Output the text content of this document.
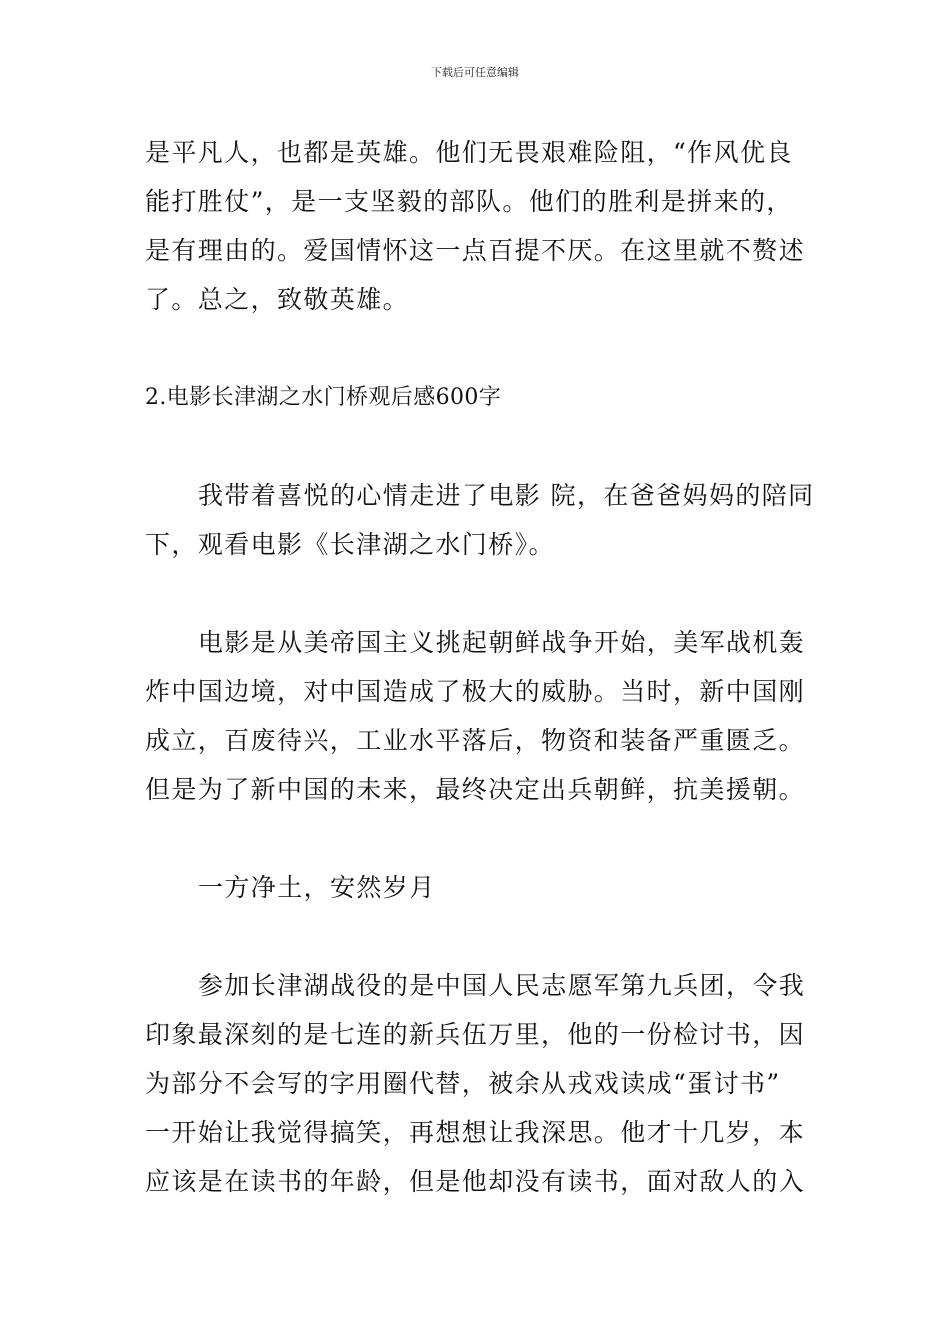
下载后可任意编辑
是平凡人，也都是英雄。他们无畏艰难险阻，“作风优良
能打胜仗”，是一支坚毅的部队。他们的胜利是拼来的，
是有理由的。爱国情怀这一点百提不厌。在这里就不赘述
了。总之，致敬英雄。
2.电影长津湖之水门桥观后感600字
我带着喜悦的心情走进了电影 院，在爸爸妈妈的陪同
下，观看电影《长津湖之水门桥》。
电影是从美帝国主义挑起朝鲜战争开始，美军战机轰
炸中国边境，对中国造成了极大的威胁。当时，新中国刚
成立，百废待兴，工业水平落后，物资和装备严重匮乏。
但是为了新中国的未来，最终决定出兵朝鲜，抗美援朝。
一方净土，安然岁月
参加长津湖战役的是中国人民志愿军第九兵团，令我
印象最深刻的是七连的新兵伍万里，他的一份检讨书，因
为部分不会写的字用圈代替，被余从戎戏读成“蛋讨书”
一开始让我觉得搞笑，再想想让我深思。他才十几岁，本
应该是在读书的年龄，但是他却没有读书，面对敌人的入
